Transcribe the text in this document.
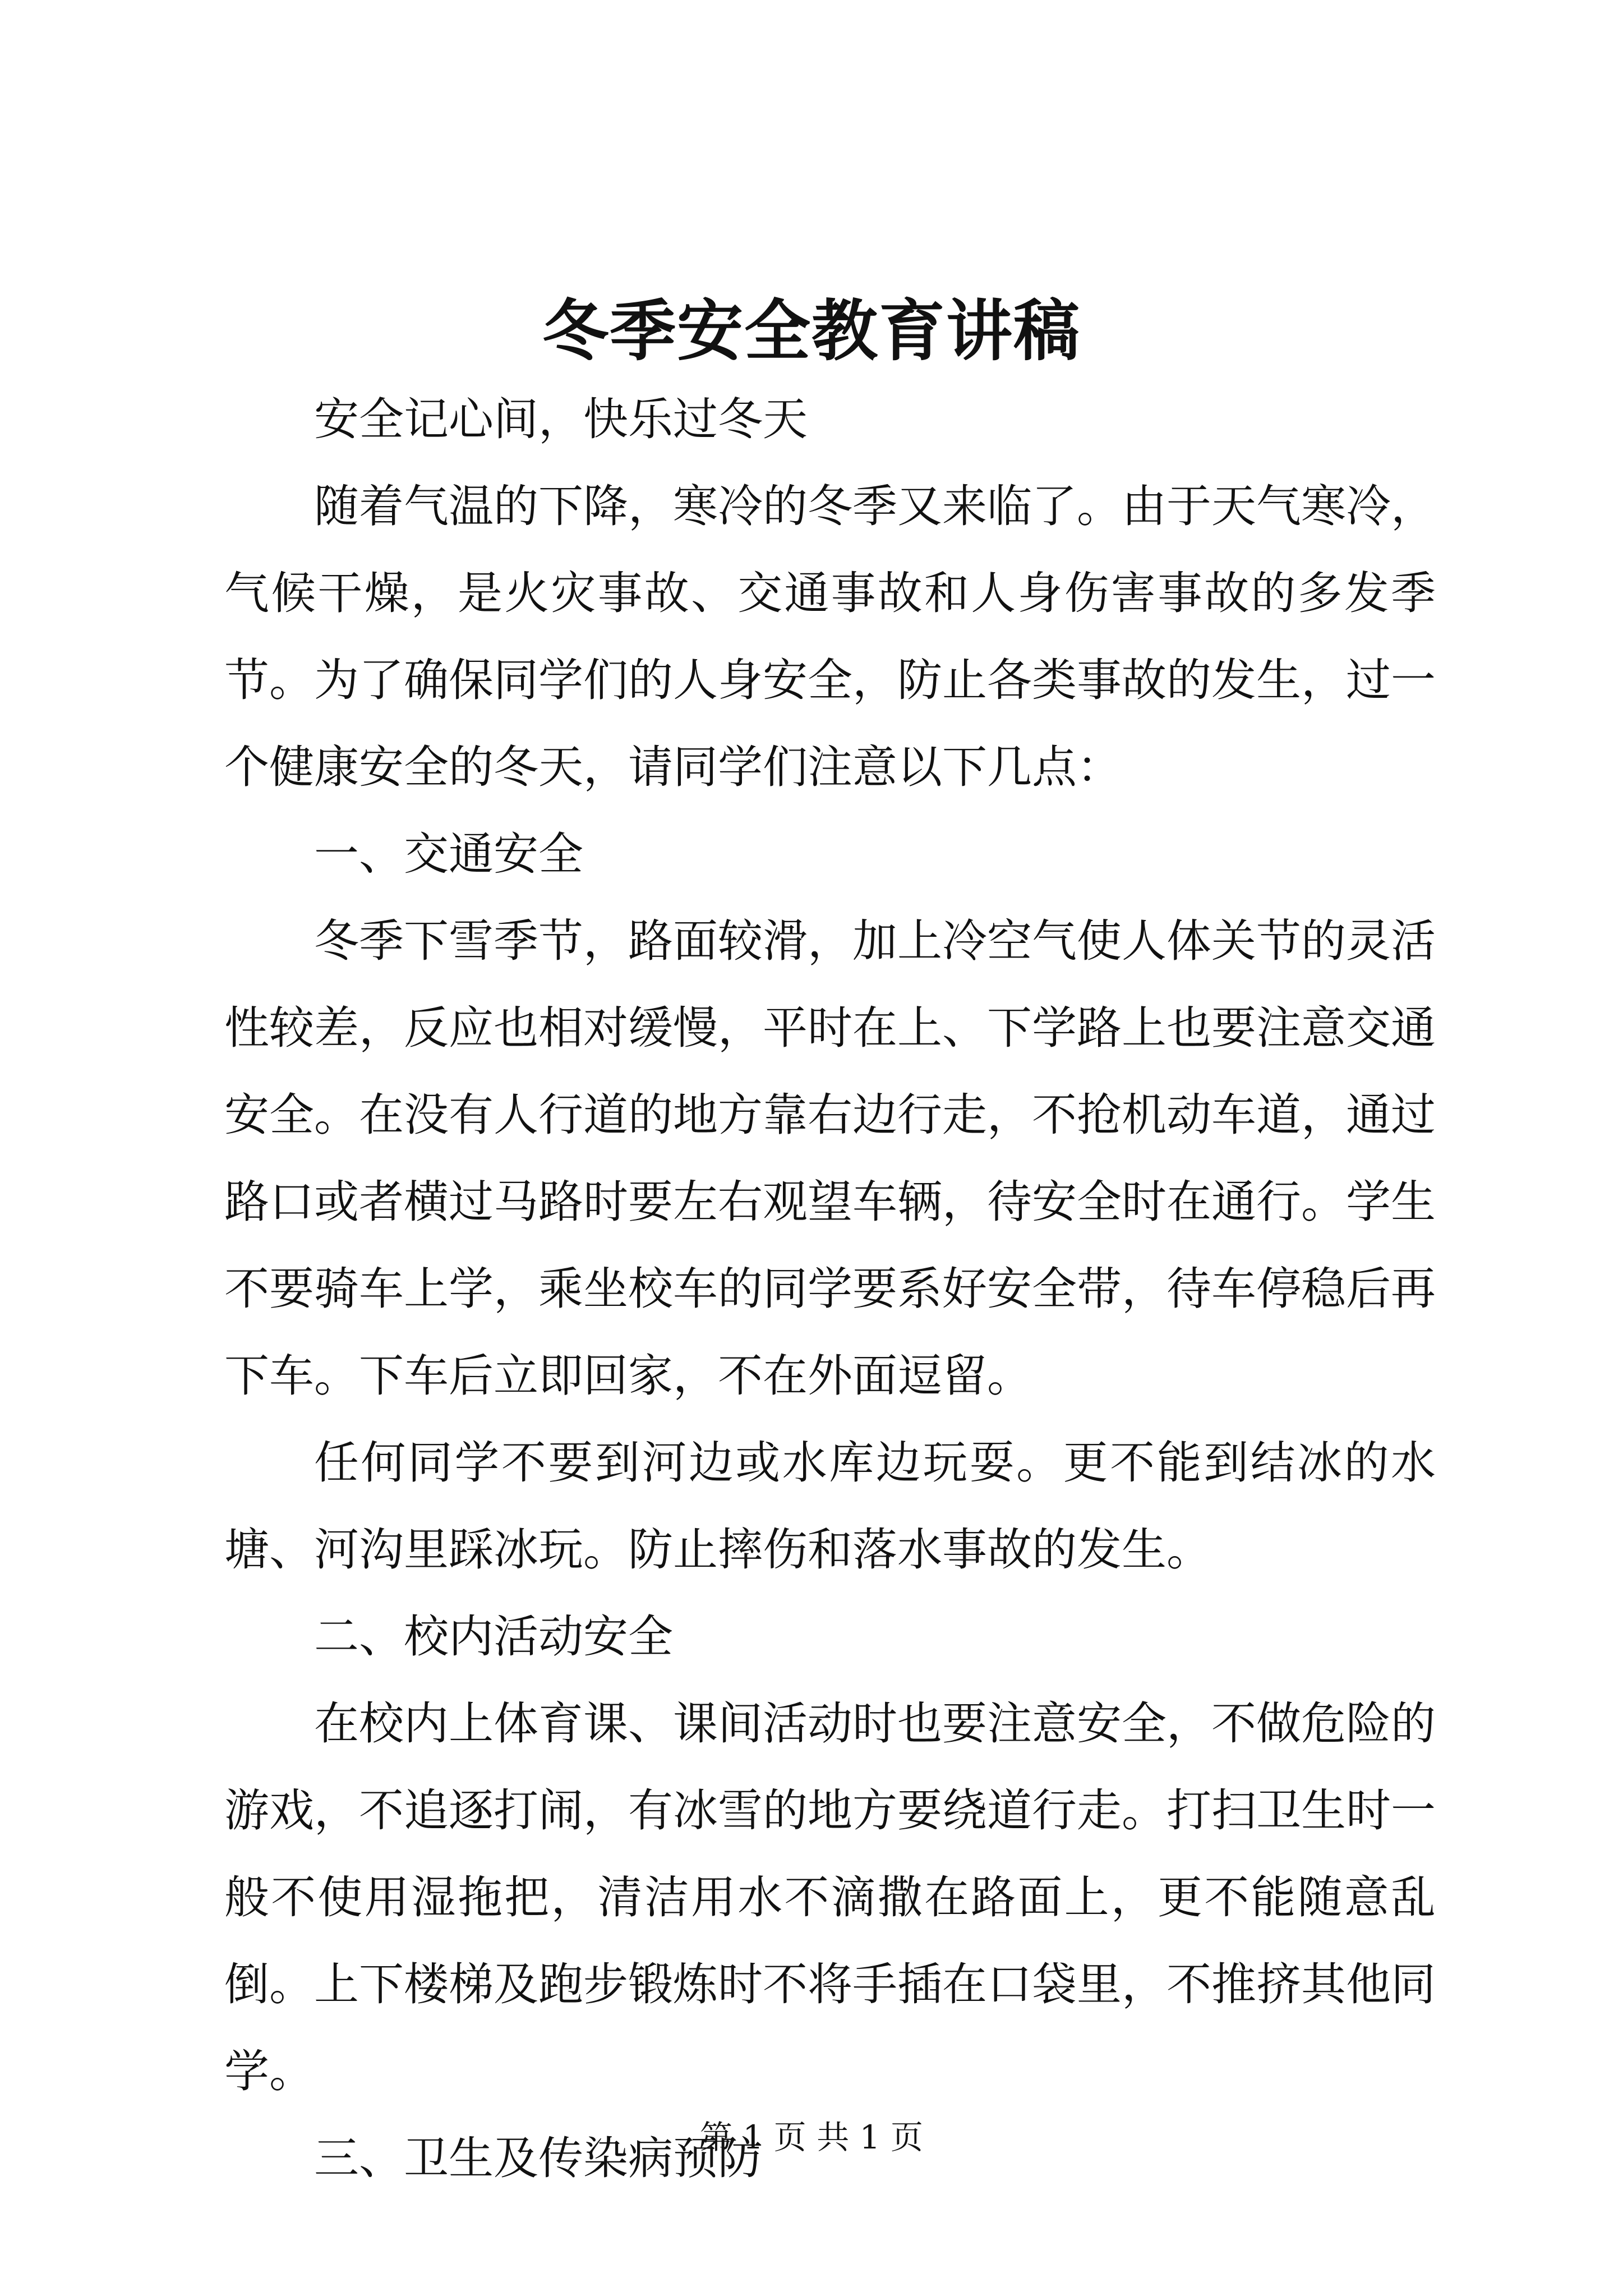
冬季安全教育讲稿

安全记心间，快乐过冬天

随着气温的下降，寒冷的冬季又来临了。由于天气寒冷，气候干燥，是火灾事故、交通事故和人身伤害事故的多发季节。为了确保同学们的人身安全，防止各类事故的发生，过一个健康安全的冬天，请同学们注意以下几点：

一、交通安全

冬季下雪季节，路面较滑，加上冷空气使人体关节的灵活性较差，反应也相对缓慢，平时在上、下学路上也要注意交通安全。在没有人行道的地方靠右边行走，不抢机动车道，通过路口或者横过马路时要左右观望车辆，待安全时在通行。学生不要骑车上学，乘坐校车的同学要系好安全带，待车停稳后再下车。下车后立即回家，不在外面逗留。

任何同学不要到河边或水库边玩耍。更不能到结冰的水塘、河沟里踩冰玩。防止摔伤和落水事故的发生。

二、校内活动安全

在校内上体育课、课间活动时也要注意安全，不做危险的游戏，不追逐打闹，有冰雪的地方要绕道行走。打扫卫生时一般不使用湿拖把，清洁用水不滴撒在路面上，更不能随意乱倒。上下楼梯及跑步锻炼时不将手插在口袋里，不推挤其他同学。

三、卫生及传染病预防

第 1 页 共 1 页
